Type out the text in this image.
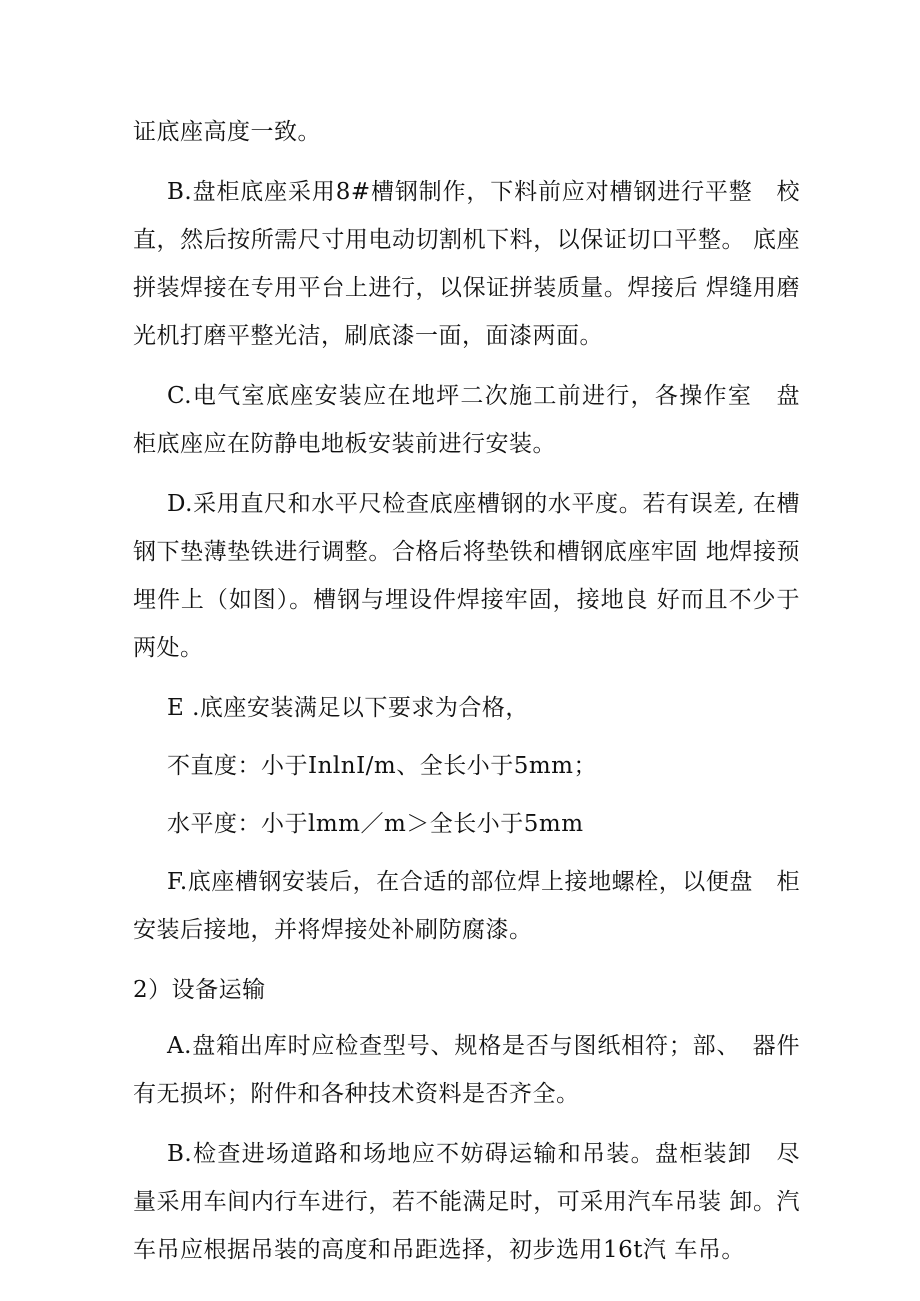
证底座高度一致。

B.盘柜底座采用8#槽钢制作，下料前应对槽钢进行平整　校直，然后按所需尺寸用电动切割机下料，以保证切口平整。 底座拼装焊接在专用平台上进行，以保证拼装质量。焊接后 焊缝用磨光机打磨平整光洁，刷底漆一面，面漆两面。

C.电气室底座安装应在地坪二次施工前进行，各操作室　盘柜底座应在防静电地板安装前进行安装。

D.采用直尺和水平尺检查底座槽钢的水平度。若有误差, 在槽钢下垫薄垫铁进行调整。合格后将垫铁和槽钢底座牢固 地焊接预埋件上（如图）。槽钢与埋设件焊接牢固，接地良 好而且不少于两处。

E .底座安装满足以下要求为合格，

不直度：小于InlnI/m、全长小于5mm；

水平度：小于lmm／m＞全长小于5mm

F.底座槽钢安装后，在合适的部位焊上接地螺栓，以便盘　柜安装后接地，并将焊接处补刷防腐漆。

2）设备运输

A.盘箱出库时应检查型号、规格是否与图纸相符；部、　器件有无损坏；附件和各种技术资料是否齐全。

B.检查进场道路和场地应不妨碍运输和吊装。盘柜装卸　尽量采用车间内行车进行，若不能满足时，可采用汽车吊装 卸。汽车吊应根据吊装的高度和吊距选择，初步选用16t汽 车吊。
